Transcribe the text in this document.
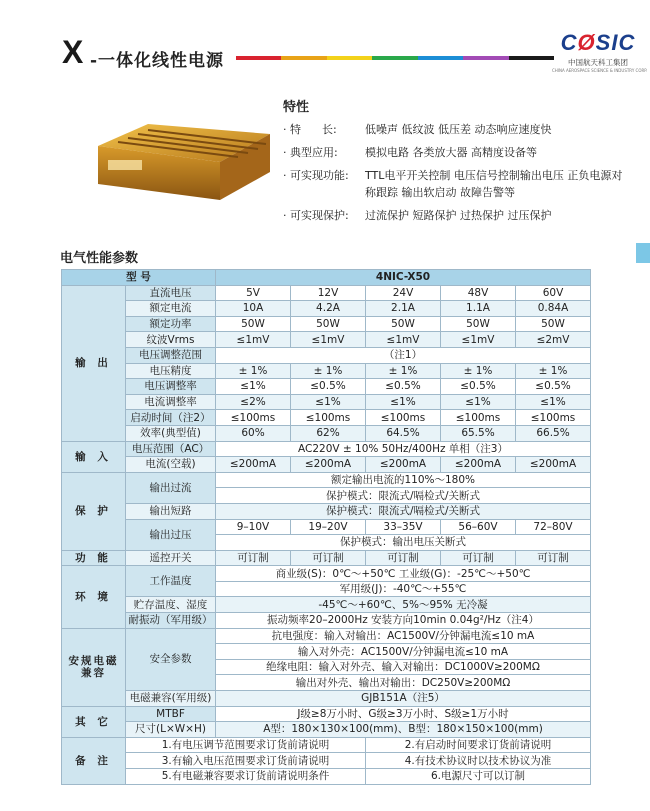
X -一体化线性电源
CØSIC
中国航天科工集团
CHINA AEROSPACE SCIENCE & INDUSTRY CORP.
特性
· 特      长:	低噪声 低纹波 低压差 动态响应速度快
· 典型应用:	模拟电路 各类放大器 高精度设备等
· 可实现功能:	TTL电平开关控制 电压信号控制输出电压 正负电源对称跟踪 输出软启动 故障告警等
· 可实现保护:	过流保护 短路保护 过热保护 过压保护
电气性能参数
型 号		4NIC-X50				
输 出	直流电压	5V	12V	24V	48V	60V
	额定电流	10A	4.2A	2.1A	1.1A	0.84A
	额定功率	50W	50W	50W	50W	50W
	纹波Vrms	≤1mV	≤1mV	≤1mV	≤1mV	≤2mV
	电压调整范围	（注1）				
	电压精度	± 1%	± 1%	± 1%	± 1%	± 1%
	电压调整率	≤1%	≤0.5%	≤0.5%	≤0.5%	≤0.5%
	电流调整率	≤2%	≤1%	≤1%	≤1%	≤1%
	启动时间（注2）	≤100ms	≤100ms	≤100ms	≤100ms	≤100ms
	效率(典型值)	60%	62%	64.5%	65.5%	66.5%
输 入	电压范围（AC）	AC220V ± 10% 50Hz/400Hz 单相（注3）				
	电流(空载)	≤200mA	≤200mA	≤200mA	≤200mA	≤200mA
保 护	输出过流	额定输出电流的110%～180%				
		保护模式：限流式/嗝检式/关断式				
	输出短路	保护模式：限流式/嗝检式/关断式				
	输出过压	9–10V	19–20V	33–35V	56–60V	72–80V
		保护模式：输出电压关断式				
功 能	遥控开关	可订制	可订制	可订制	可订制	可订制
环 境	工作温度	商业级(S)：0℃～+50℃ 工业级(G)：-25℃～+50℃				
		军用级(J)：-40℃～+55℃				
	贮存温度、湿度	-45℃～+60℃、5%～95% 无冷凝				
	耐振动（军用级）	振动频率20–2000Hz 安装方向10min 0.04g²/Hz（注4）				
安规电磁兼容	安全参数	抗电强度：输入对输出：AC1500V/分钟漏电流≤10 mA				
		输入对外壳：AC1500V/分钟漏电流≤10 mA				
		绝缘电阻：输入对外壳、输入对输出：DC1000V≥200MΩ				
		输出对外壳、输出对输出：DC250V≥200MΩ				
	电磁兼容(军用级)	GJB151A（注5）				
其 它	MTBF	J级≥8万小时、G级≥3万小时、S级≥1万小时				
	尺寸(L×W×H)	A型：180×130×100(mm)、B型：180×150×100(mm)				
备 注	1.有电压调节范围要求订货前请说明			2.有启动时间要求订货前请说明		
	3.有输入电压范围要求订货前请说明			4.有技术协议时以技术协议为准		
	5.有电磁兼容要求订货前请说明条件			6.电源尺寸可以订制		
